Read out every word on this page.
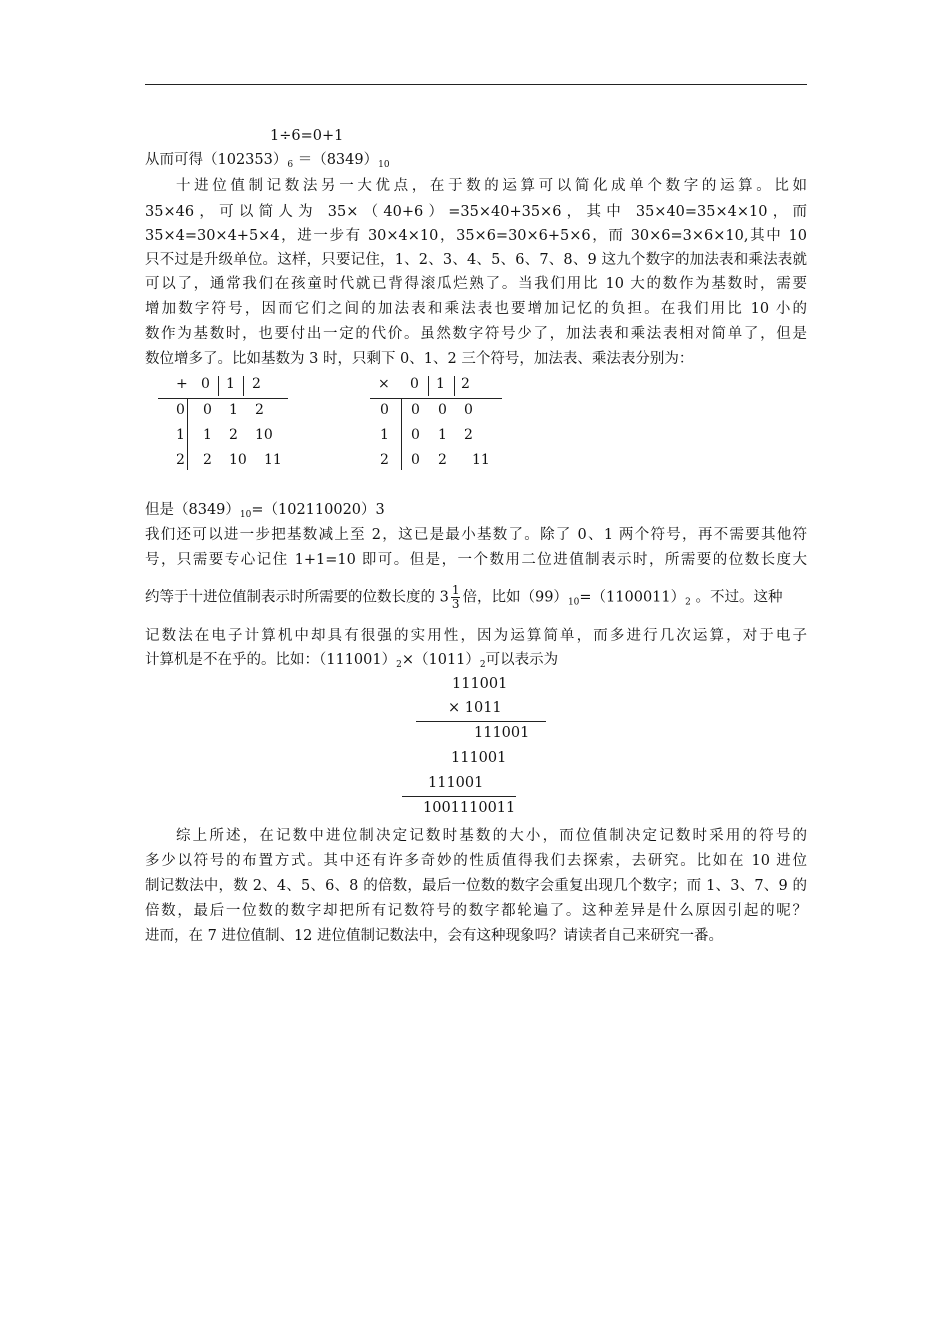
1÷6=0+1
从而可得$(102353)_6 =(8349)_{10}$
十进位值制记数法另一大优点，在于数的运算可以简化成单个数字的运算。比如
35×46，可以简人为 35×（40+6）=35×40+35×6，其中 35×40=35×4×10，而
35×4=30×4+5×4，进一步有 30×4×10，35×6=30×6+5×6，而 30×6=3×6×10,其中 10
只不过是升级单位。这样，只要记住，1、2、3、4、5、6、7、8、9 这九个数字的加法表和乘法表就
可以了，通常我们在孩童时代就已背得滚瓜烂熟了。当我们用比 10 大的数作为基数时，需要
增加数字符号，因而它们之间的加法表和乘法表也要增加记忆的负担。在我们用比 10 小的
数作为基数时，也要付出一定的代价。虽然数字符号少了，加法表和乘法表相对简单了，但是
数位增多了。比如基数为 3 时，只剩下 0、1、2 三个符号，加法表、乘法表分别为：
+ 0 1 2
0 0 1 2
1 1 2 10
2 2 10 11
× 0 1 2
0 0 0 0
1 0 1 2
2 0 2 11
但是$(8349)_{10}=(102110020)3$
我们还可以进一步把基数减上至 2，这已是最小基数了。除了 0、1 两个符号，再不需要其他符
号，只需要专心记住 1+1=10 即可。但是，一个数用二位进值制表示时，所需要的位数长度大
约等于十进位值制表示时所需要的位数长度的 $3 \frac{1}{3}$ 倍，比如$(99)_{10}=(1100011)_2$ 。不过。这种
记数法在电子计算机中却具有很强的实用性，因为运算简单，而多进行几次运算，对于电子
计算机是不在乎的。比如：$(111001)_2\times(1011)_2$可以表示为
111001
× 1011
111001
111001
111001
1001110011
综上所述，在记数中进位制决定记数时基数的大小，而位值制决定记数时采用的符号的
多少以符号的布置方式。其中还有许多奇妙的性质值得我们去探索，去研究。比如在 10 进位
制记数法中，数 2、4、5、6、8 的倍数，最后一位数的数字会重复出现几个数字；而 1、3、7、9 的
倍数，最后一位数的数字却把所有记数符号的数字都轮遍了。这种差异是什么原因引起的呢？
进而，在 7 进位值制、12 进位值制记数法中，会有这种现象吗？请读者自己来研究一番。
